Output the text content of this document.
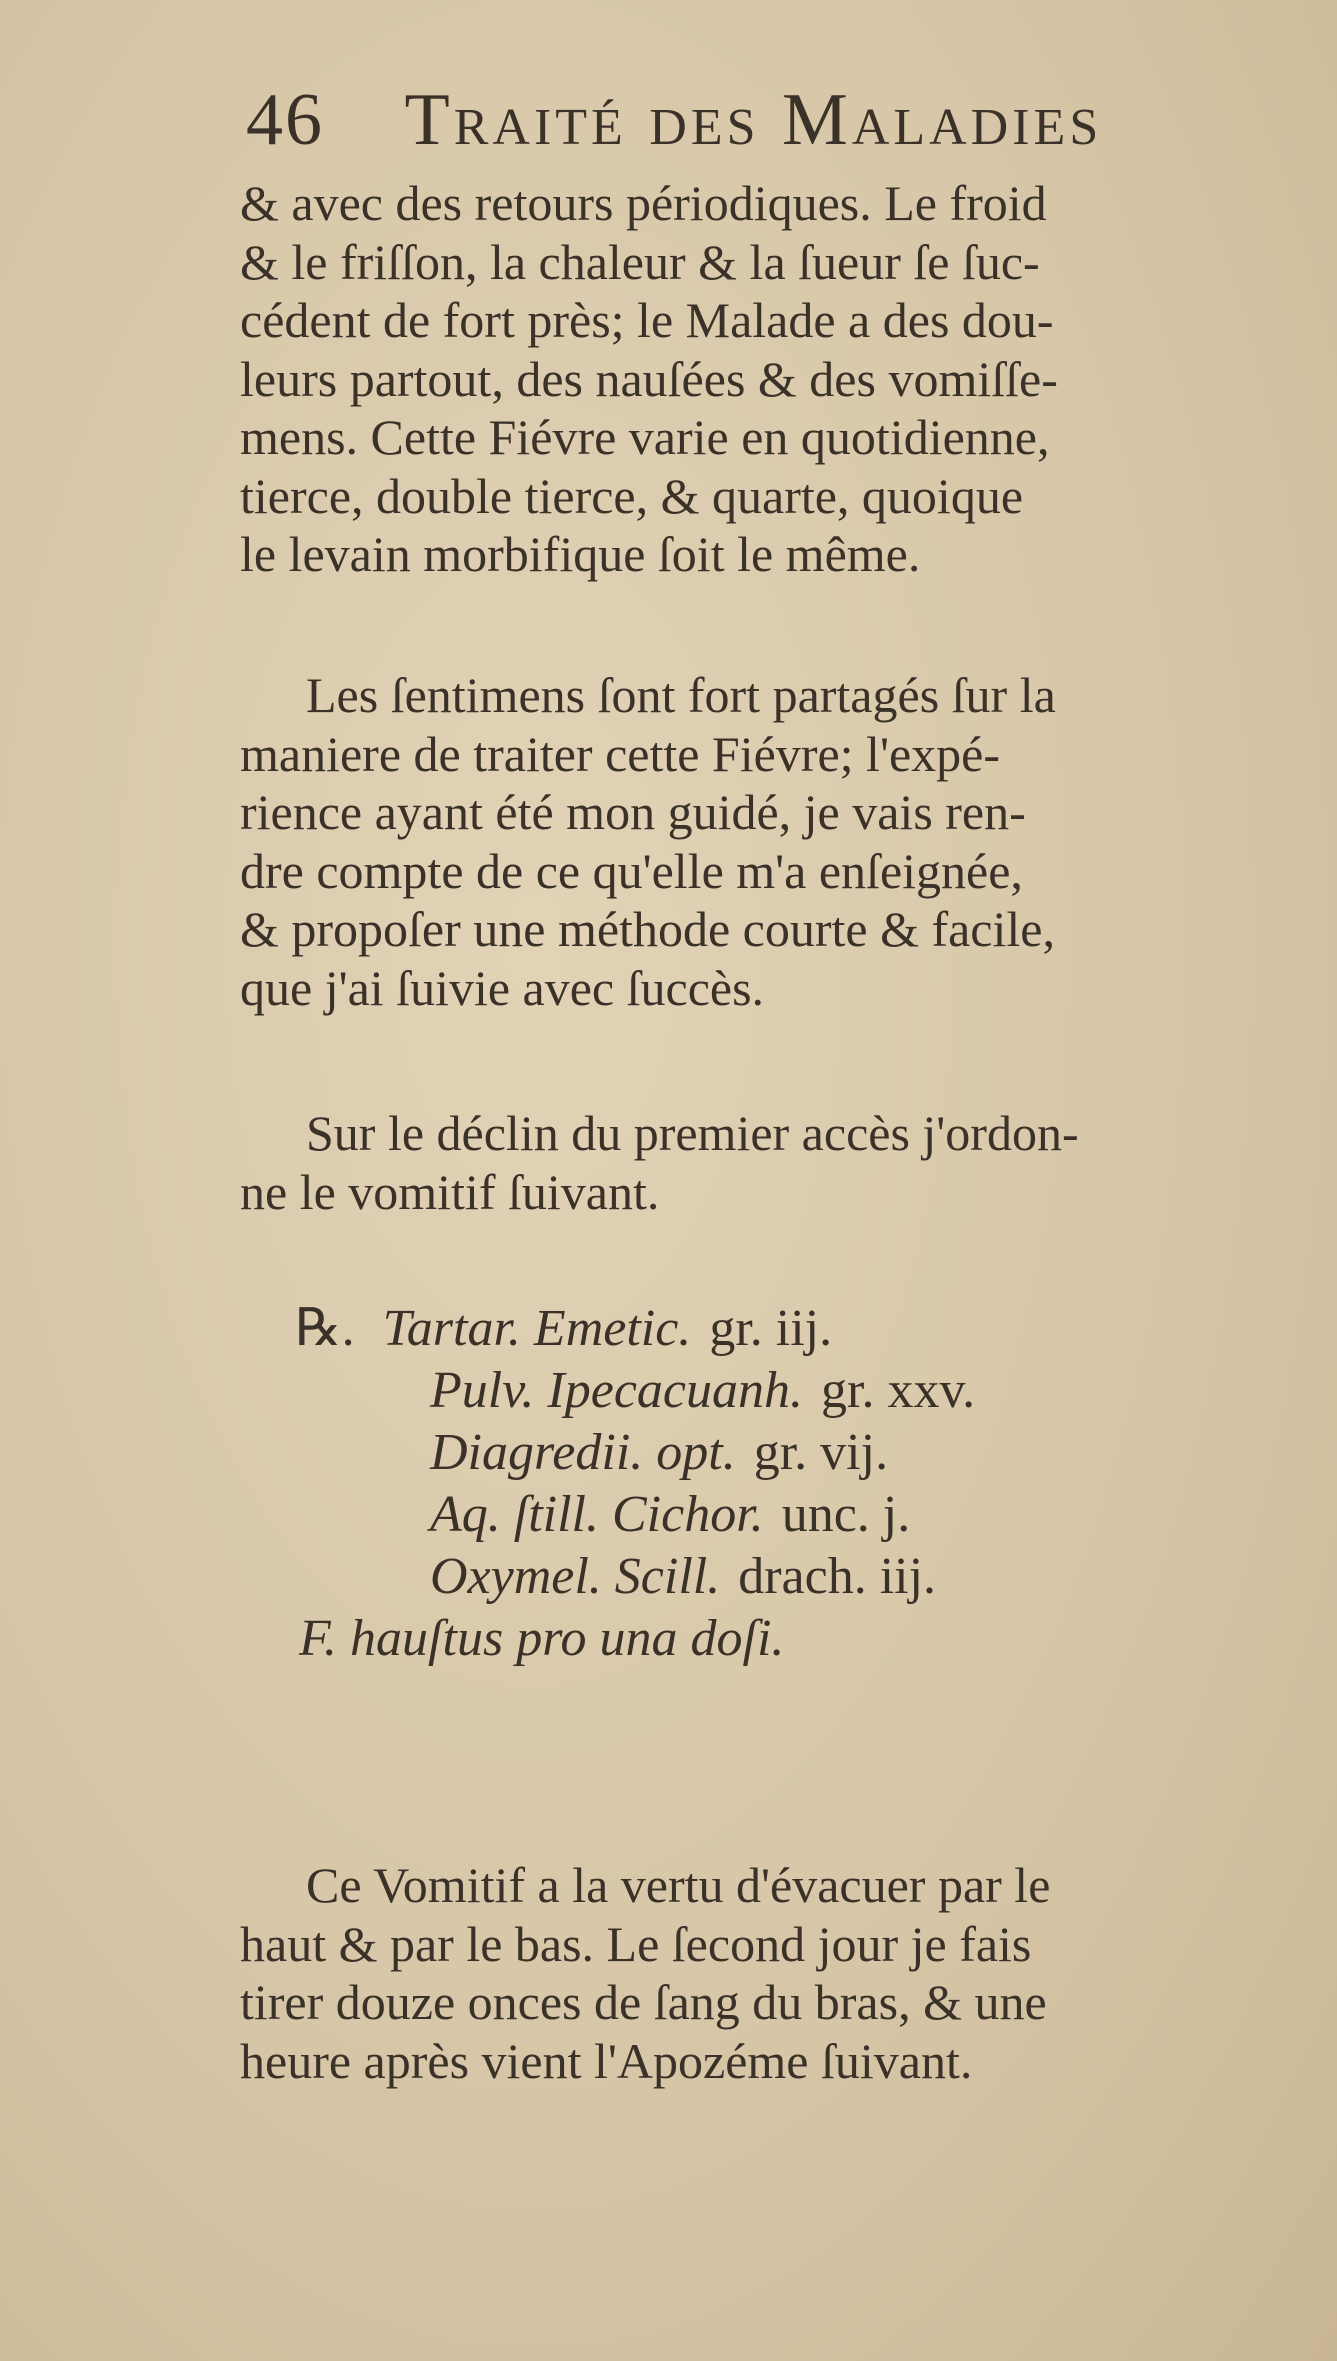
46 Traité des Maladies
& avec des retours périodiques. Le froid
& le friſſon, la chaleur & la ſueur ſe ſuc-
cédent de fort près; le Malade a des dou-
leurs partout, des nauſées & des vomiſſe-
mens. Cette Fiévre varie en quotidienne,
tierce, double tierce, & quarte, quoique
le levain morbifique ſoit le même.
Les ſentimens ſont fort partagés ſur la
maniere de traiter cette Fiévre; l'expé-
rience ayant été mon guidé, je vais ren-
dre compte de ce qu'elle m'a enſeignée,
& propoſer une méthode courte & facile,
que j'ai ſuivie avec ſuccès.
Sur le déclin du premier accès j'ordon-
ne le vomitif ſuivant.
℞. Tartar. Emetic. gr. iij.
Pulv. Ipecacuanh. gr. xxv.
Diagredii. opt. gr. vij.
Aq. ſtill. Cichor. unc. j.
Oxymel. Scill. drach. iij.
F. hauſtus pro una doſi.
Ce Vomitif a la vertu d'évacuer par le
haut & par le bas. Le ſecond jour je fais
tirer douze onces de ſang du bras, & une
heure après vient l'Apozéme ſuivant.
